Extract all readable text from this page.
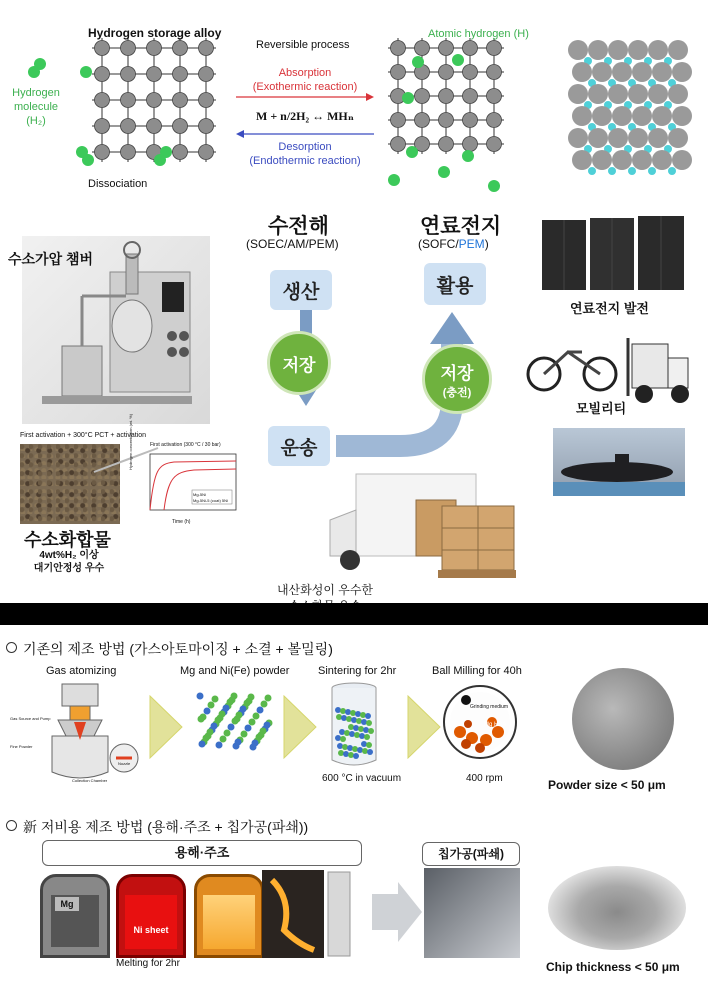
Hydrogen storage alloy
Hydrogen
molecule
(H₂)
Dissociation
Reversible process
Absorption
(Exothermic reaction)
M + n/2H₂ ↔ MHₙ
Desorption
(Endothermic reaction)
Atomic hydrogen (H)
수소가압 챔버
First activation + 300°C PCT + activation
First activation (300 °C / 30 bar)
Time (h)
Mg-5Ni
Mg-5Ni-5 (coat) 5Ni
Hydrogen concentration (wt. %)
수소화합물
4wt%H₂ 이상
대기안정성 우수
수전해
(SOEC/AM/PEM)
연료전지
(SOFC/PEM)
생산
저장
운송
활용
저장
(충전)
내산화성이 우수한
연료전지 발전
모빌리티
기존의 제조 방법 (가스아토마이징 + 소결 + 볼밀링)
Gas atomizing	Mg and Ni(Fe) powder	Sintering for 2hr	Ball Milling for 40h
Gas Source and Pump
Fine Powder
Nozzle
Collection Chamber	600 °C in vacuum
Grinding medium
Mg HSA
400 rpm	Powder size < 50 μm
新 저비용 제조 방법 (용해·주조 + 칩가공(파쇄))
용해·주조	칩가공(파쇄)
Mg
Ni sheet
Melting for 2hr	Chip thickness < 50 μm
